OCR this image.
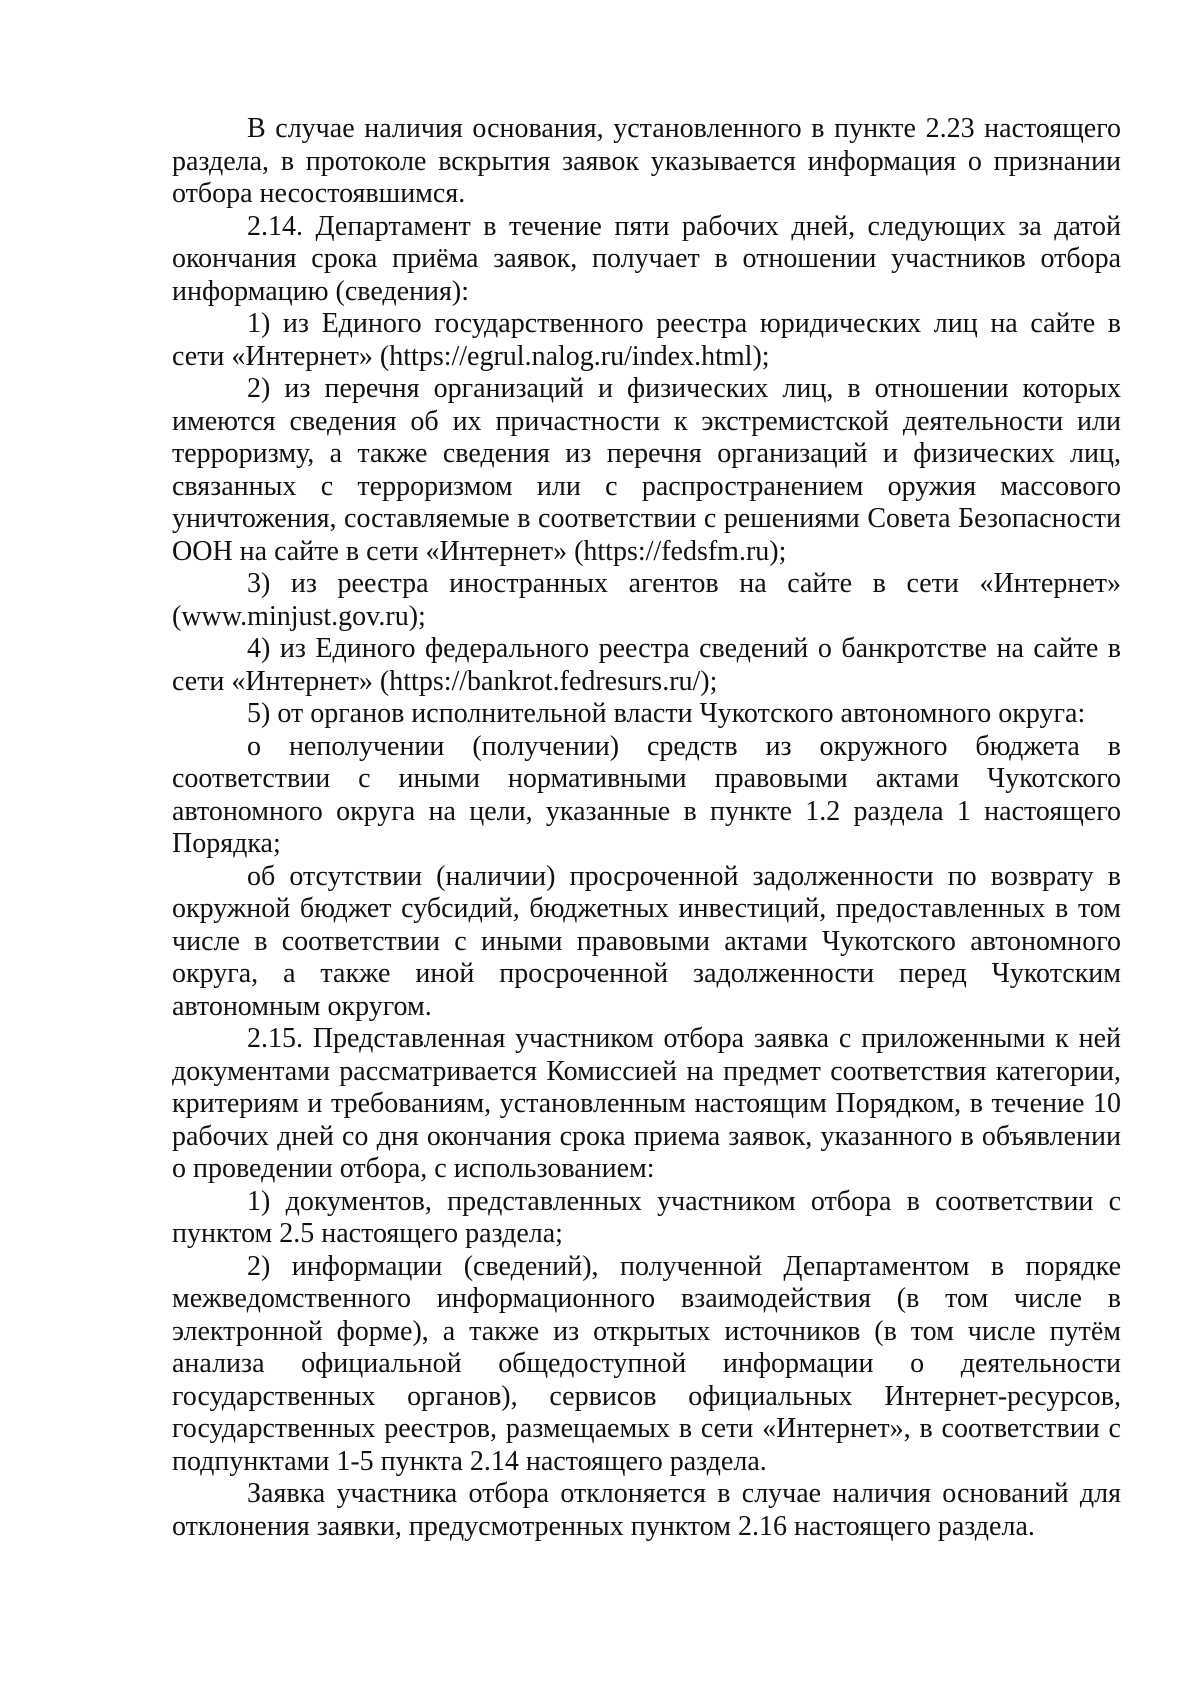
В случае наличия основания, установленного в пункте 2.23 настоящего раздела, в протоколе вскрытия заявок указывается информация о признании отбора несостоявшимся.

2.14. Департамент в течение пяти рабочих дней, следующих за датой окончания срока приёма заявок, получает в отношении участников отбора информацию (сведения):

1) из Единого государственного реестра юридических лиц на сайте в сети «Интернет» (https://egrul.nalog.ru/index.html);

2) из перечня организаций и физических лиц, в отношении которых имеются сведения об их причастности к экстремистской деятельности или терроризму, а также сведения из перечня организаций и физических лиц, связанных с терроризмом или с распространением оружия массового уничтожения, составляемые в соответствии с решениями Совета Безопасности ООН на сайте в сети «Интернет» (https://fedsfm.ru);

3) из реестра иностранных агентов на сайте в сети «Интернет» (www.minjust.gov.ru);

4) из Единого федерального реестра сведений о банкротстве на сайте в сети «Интернет» (https://bankrot.fedresurs.ru/);

5) от органов исполнительной власти Чукотского автономного округа:

о неполучении (получении) средств из окружного бюджета в соответствии с иными нормативными правовыми актами Чукотского автономного округа на цели, указанные в пункте 1.2 раздела 1 настоящего Порядка;

об отсутствии (наличии) просроченной задолженности по возврату в окружной бюджет субсидий, бюджетных инвестиций, предоставленных в том числе в соответствии с иными правовыми актами Чукотского автономного округа, а также иной просроченной задолженности перед Чукотским автономным округом.

2.15. Представленная участником отбора заявка с приложенными к ней документами рассматривается Комиссией на предмет соответствия категории, критериям и требованиям, установленным настоящим Порядком, в течение 10 рабочих дней со дня окончания срока приема заявок, указанного в объявлении о проведении отбора, с использованием:

1) документов, представленных участником отбора в соответствии с пунктом 2.5 настоящего раздела;

2) информации (сведений), полученной Департаментом в порядке межведомственного информационного взаимодействия (в том числе в электронной форме), а также из открытых источников (в том числе путём анализа официальной общедоступной информации о деятельности государственных органов), сервисов официальных Интернет-ресурсов, государственных реестров, размещаемых в сети «Интернет», в соответствии с подпунктами 1-5 пункта 2.14 настоящего раздела.

Заявка участника отбора отклоняется в случае наличия оснований для отклонения заявки, предусмотренных пунктом 2.16 настоящего раздела.
